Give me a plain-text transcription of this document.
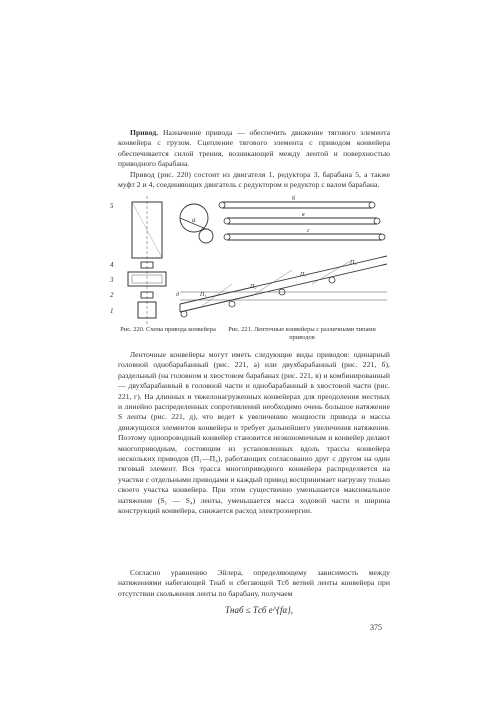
Привод. Назначение привода — обеспечить движение тягового элемента конвейера с грузом. Сцепление тягового элемента с приводом конвейера обеспечивается силой трения, возникающей между лентой и поверхностью приводного барабана.
Привод (рис. 220) состоит из двигателя 1, редуктора 3, барабана 5, а также муфт 2 и 4, соединяющих двигатель с редуктором и редуктор с валом барабана.
5
4
3
2
1
а
б
в
г
д	П₁
П₂
П₃
П₄
Рис. 220. Схема привода конвейера	Рис. 221. Ленточные конвейеры с различными типами приводов
Ленточные конвейеры могут иметь следующие виды приводов: одинарный головной однобарабанный (рис. 221, а) или двухбарабанный (рис. 221, б), раздельный (на головном и хвостовом барабанах (рис. 221, в) и комбинированный — двухбарабанный в головной части и однобарабанный в хвостовой части (рис. 221, г). На длинных и тяжелонагруженных конвейерах для преодоления местных и линейно распределенных сопротивлений необходимо очень большое натяжение S ленты (рис. 221, д), что ведет к увеличению мощности привода и массы движущихся элементов конвейера и требует дальнейшего увеличения натяжения. Поэтому однопроводный конвейер становится неэкономичным и конвейер делают многоприводным, состоящим из установленных вдоль трассы конвейера нескольких приводов (П₁—П₄), работающих согласованно друг с другом на один тяговый элемент. Вся трасса многоприводного конвейера распределяется на участки с отдельными приводами и каждый привод воспринимает нагрузку только своего участка конвейера. При этом существенно уменьшается максимальное натяжение (S₁ — S₄) ленты, уменьшается масса ходовой части и ширина конструкций конвейера, снижается расход электроэнергии.
Согласно уравнению Эйлера, определяющему зависимость между натяжениями набегающей Tнаб и сбегающей Tсб ветвей ленты конвейера при отсутствии скольжения ленты по барабану, получаем
Tнаб ≤ Tсб e^{fα},
375
